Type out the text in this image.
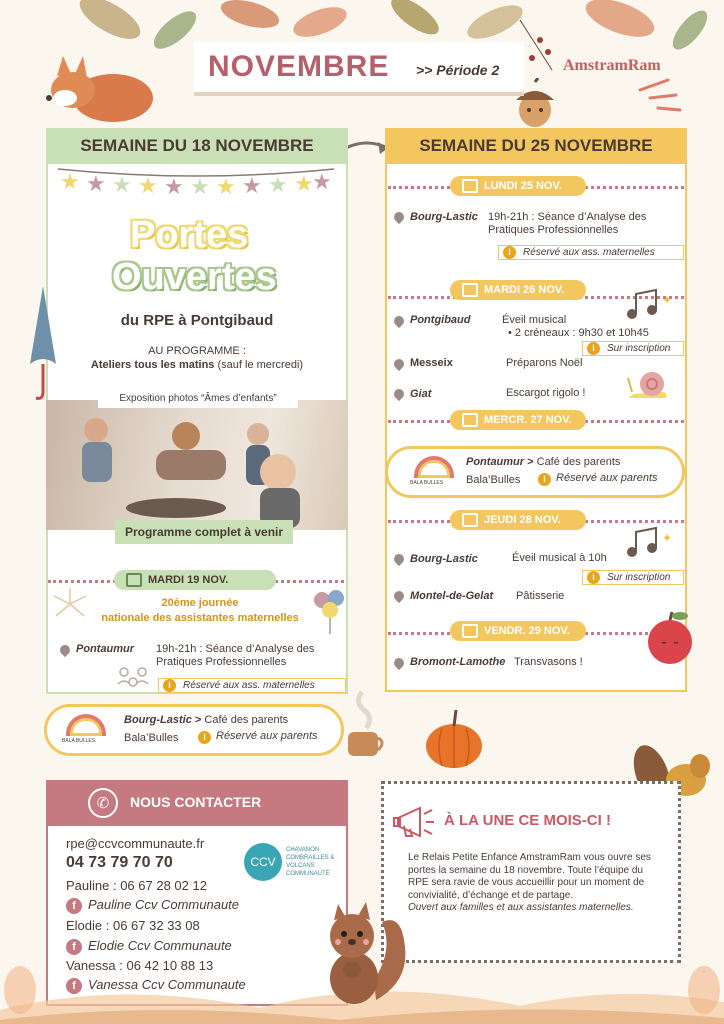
NOVEMBRE >> Période 2	AmstramRam
SEMAINE DU 18 NOVEMBRE
★ ★ ★ ★ ★ ★ ★ ★ ★ ★
★
Portes
Ouvertes
du RPE à Pontgibaud
AU PROGRAMME :
Ateliers tous les matins (sauf le mercredi)
Exposition photos “Âmes d’enfants”
Programme complet à venir
MARDI 19 NOV.
20ème journée
nationale des assistantes maternelles
Pontaumur 19h-21h : Séance d’Analyse des Pratiques Professionnelles
i	Réservé aux ass. maternelles
BALA BULLES
Bourg-Lastic > Café des parents
Bala’Bulles	i Réservé aux parents
SEMAINE DU 25 NOVEMBRE
LUNDI 25 NOV.
Bourg-Lastic 19h-21h : Séance d’Analyse des Pratiques Professionnelles
i	Réservé aux ass. maternelles
MARDI 26 NOV.
✦
Pontgibaud	Éveil musical
• 2 créneaux : 9h30 et 10h45
i	Sur inscription
Messeix	Préparons Noël
Giat	Escargot rigolo !
MERCR. 27 NOV.
BALA BULLES
Pontaumur > Café des parents
Bala’Bulles	i Réservé aux parents
JEUDI 28 NOV.
✦
Bourg-Lastic	Éveil musical à 10h
i	Sur inscription
Montel-de-Gelat Pâtisserie
VENDR. 29 NOV.
Bromont-Lamothe Transvasons !
✆	NOUS CONTACTER
rpe@ccvcommunaute.fr
04 73 79 70 70
Pauline : 06 67 28 02 12
f Pauline Ccv Communaute
Elodie : 06 67 32 33 08
f Elodie Ccv Communaute
Vanessa : 06 42 10 88 13
f Vanessa Ccv Communaute
CCV
CHAVANON COMBRAILLES & VOLCANS COMMUNAUTÉ
À LA UNE CE MOIS-CI !
Le Relais Petite Enfance AmstramRam vous ouvre ses portes la semaine du 18 novembre. Toute l’équipe du RPE sera ravie de vous accueillir pour un moment de convivialité, d’échange et de partage.
Ouvert aux familles et aux assistantes maternelles.
